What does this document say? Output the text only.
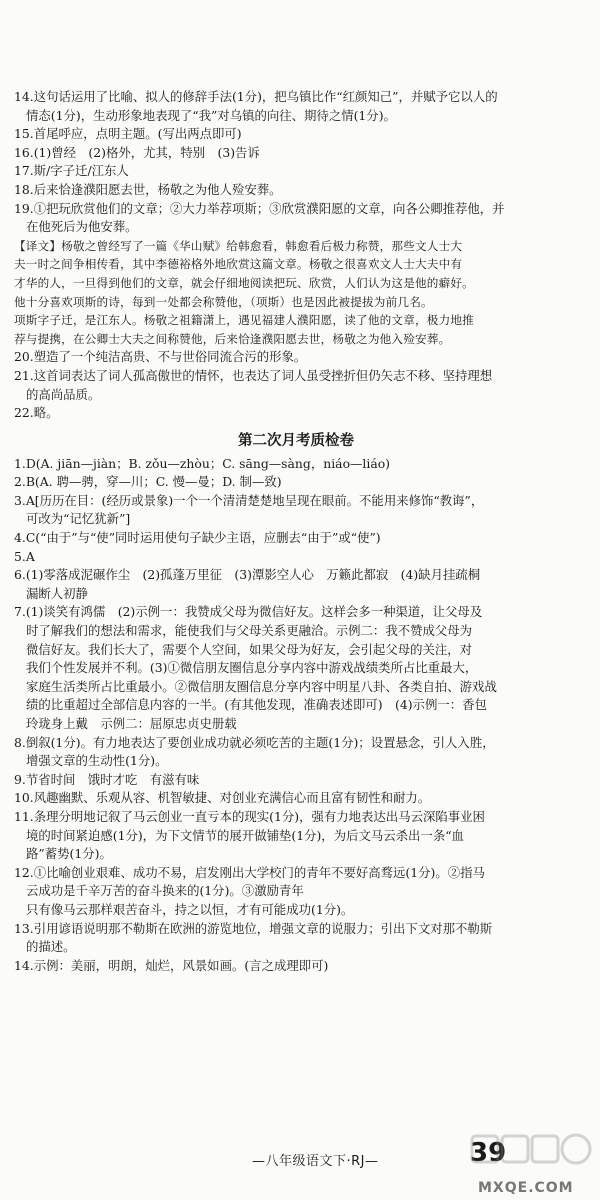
14.这句话运用了比喻、拟人的修辞手法(1分)，把乌镇比作“红颜知己”，并赋予它以人的
情态(1分)，生动形象地表现了“我”对乌镇的向往、期待之情(1分)。
15.首尾呼应，点明主题。(写出两点即可)
16.(1)曾经　(2)格外，尤其，特别　(3)告诉
17.斯/字子迁/江东人
18.后来恰逢濮阳愿去世，杨敬之为他人殓安葬。
19.①把玩欣赏他们的文章；②大力举荐项斯；③欣赏濮阳愿的文章，向各公卿推荐他，并
在他死后为他安葬。
【译文】杨敬之曾经写了一篇《华山赋》给韩愈看，韩愈看后极力称赞，那些文人士大
夫一时之间争相传看，其中李德裕格外地欣赏这篇文章。杨敬之很喜欢文人士大夫中有
才华的人，一旦得到他们的文章，就会仔细地阅读把玩、欣赏，人们认为这是他的癖好。
他十分喜欢项斯的诗，每到一处都会称赞他，（项斯）也是因此被提拔为前几名。
项斯字子迁，是江东人。杨敬之祖籍潇上，遇见福建人濮阳愿，读了他的文章，极力地推
荐与提携，在公卿士大夫之间称赞他，后来恰逢濮阳愿去世，杨敬之为他入殓安葬。
20.塑造了一个纯洁高贵、不与世俗同流合污的形象。
21.这首词表达了词人孤高傲世的情怀，也表达了词人虽受挫折但仍矢志不移、坚持理想
的高尚品质。
22.略。
第二次月考质检卷
1.D(A. jiān—jiàn；B. zǒu—zhòu；C. sāng—sàng，niáo—liáo)
2.B(A. 聘—骋，穿—川；C. 慢—曼；D. 制—致)
3.A[历历在目：(经历或景象)一个一个清清楚楚地呈现在眼前。不能用来修饰“教诲”，
可改为“记忆犹新”]
4.C(“由于”与“使”同时运用使句子缺少主语，应删去“由于”或“使”)
5.A
6.(1)零落成泥碾作尘　(2)孤蓬万里征　(3)潭影空人心　万籁此都寂　(4)缺月挂疏桐
漏断人初静
7.(1)谈笑有鸿儒　(2)示例一：我赞成父母为微信好友。这样会多一种渠道，让父母及
时了解我们的想法和需求，能使我们与父母关系更融洽。示例二：我不赞成父母为
微信好友。我们长大了，需要个人空间，如果父母为好友，会引起父母的关注，对
我们个性发展并不利。(3)①微信朋友圈信息分享内容中游戏战绩类所占比重最大，
家庭生活类所占比重最小。②微信朋友圈信息分享内容中明星八卦、各类自拍、游戏战
绩的比重超过全部信息内容的一半。(有其他发现，准确表述即可)　(4)示例一：香包
玲珑身上戴　示例二：屈原忠贞史册载
8.倒叙(1分)。有力地表达了要创业成功就必须吃苦的主题(1分)；设置悬念，引人入胜，
增强文章的生动性(1分)。
9.节省时间　饿时才吃　有滋有味
10.风趣幽默、乐观从容、机智敏捷、对创业充满信心而且富有韧性和耐力。
11.条理分明地记叙了马云创业一直亏本的现实(1分)，强有力地表达出马云深陷事业困
境的时间紧迫感(1分)，为下文情节的展开做铺垫(1分)，为后文马云杀出一条“血
路”蓄势(1分)。
12.①比喻创业艰难、成功不易，启发刚出大学校门的青年不要好高骛远(1分)。②指马
云成功是千辛万苦的奋斗换来的(1分)。③激励青年
只有像马云那样艰苦奋斗，持之以恒，才有可能成功(1分)。
13.引用谚语说明那不勒斯在欧洲的游览地位，增强文章的说服力；引出下文对那不勒斯
的描述。
14.示例：美丽，明朗，灿烂，风景如画。(言之成理即可)
—八年级语文下·RJ—	39
MXQE.COM
